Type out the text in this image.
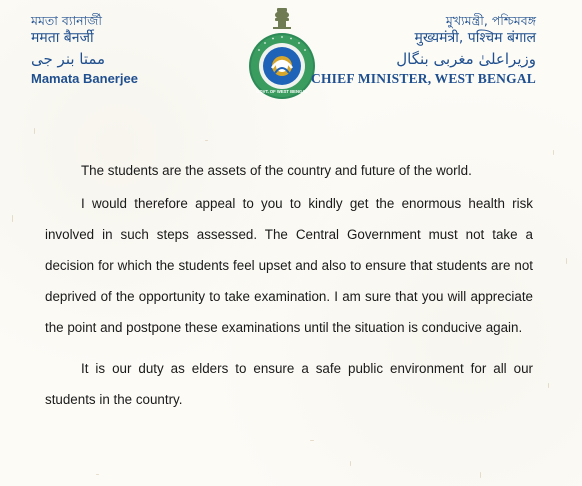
মমতা ব্যানার্জী
ममता बैनर्जी
ممتا بنر جی
Mamata Banerjee
GOVT. OF WEST BENGAL
মুখ্যমন্ত্রী, পশ্চিমবঙ্গ
मुख्यमंत्री, पश्चिम बंगाल
وزیراعلیٰ مغربی بنگال
CHIEF MINISTER, WEST BENGAL

The students are the assets of the country and future of the world.

I would therefore appeal to you to kindly get the enormous health risk involved in such steps assessed. The Central Government must not take a decision for which the students feel upset and also to ensure that students are not deprived of the opportunity to take examination. I am sure that you will appreciate the point and postpone these examinations until the situation is conducive again.

It is our duty as elders to ensure a safe public environment for all our students in the country.
